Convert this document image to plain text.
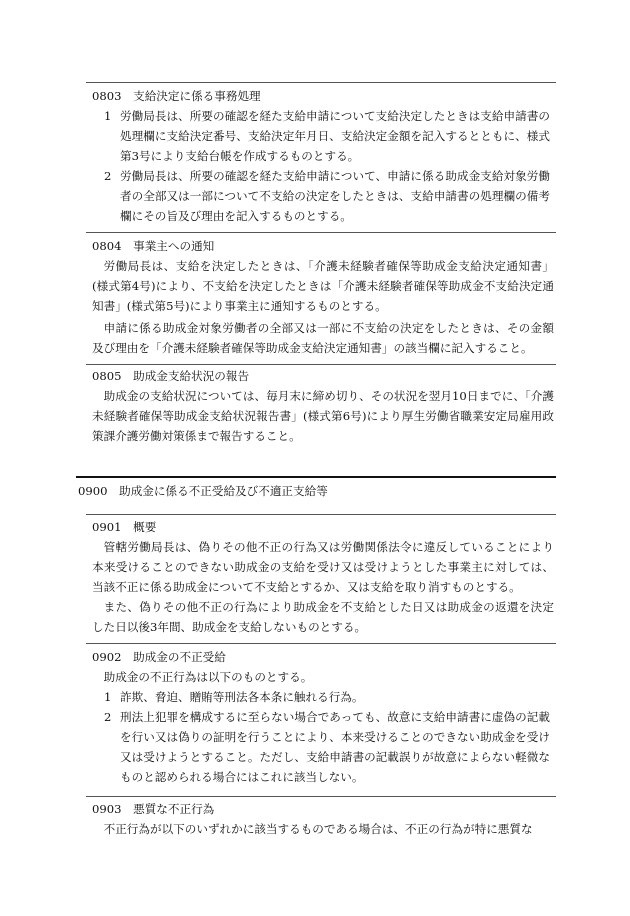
0803　支給決定に係る事務処理
1 労働局長は、所要の確認を経た支給申請について支給決定したときは支給申請書の処理欄に支給決定番号、支給決定年月日、支給決定金額を記入するとともに、様式第3号により支給台帳を作成するものとする。
2 労働局長は、所要の確認を経た支給申請について、申請に係る助成金支給対象労働者の全部又は一部について不支給の決定をしたときは、支給申請書の処理欄の備考欄にその旨及び理由を記入するものとする。
0804　事業主への通知

労働局長は、支給を決定したときは、「介護未経験者確保等助成金支給決定通知書」(様式第4号)により、不支給を決定したときは「介護未経験者確保等助成金不支給決定通知書」(様式第5号)により事業主に通知するものとする。

申請に係る助成金対象労働者の全部又は一部に不支給の決定をしたときは、その金額及び理由を「介護未経験者確保等助成金支給決定通知書」の該当欄に記入すること。

0805　助成金支給状況の報告

助成金の支給状況については、毎月末に締め切り、その状況を翌月10日までに、「介護未経験者確保等助成金支給状況報告書」(様式第6号)により厚生労働省職業安定局雇用政策課介護労働対策係まで報告すること。

0900　助成金に係る不正受給及び不適正支給等
0901　概要

管轄労働局長は、偽りその他不正の行為又は労働関係法令に違反していることにより本来受けることのできない助成金の支給を受け又は受けようとした事業主に対しては、当該不正に係る助成金について不支給とするか、又は支給を取り消すものとする。

また、偽りその他不正の行為により助成金を不支給とした日又は助成金の返還を決定した日以後3年間、助成金を支給しないものとする。

0902　助成金の不正受給

助成金の不正行為は以下のものとする。

1 詐欺、脅迫、贈賄等刑法各本条に触れる行為。
2 刑法上犯罪を構成するに至らない場合であっても、故意に支給申請書に虚偽の記載を行い又は偽りの証明を行うことにより、本来受けることのできない助成金を受け又は受けようとすること。ただし、支給申請書の記載誤りが故意によらない軽微なものと認められる場合にはこれに該当しない。
0903　悪質な不正行為

不正行為が以下のいずれかに該当するものである場合は、不正の行為が特に悪質な
